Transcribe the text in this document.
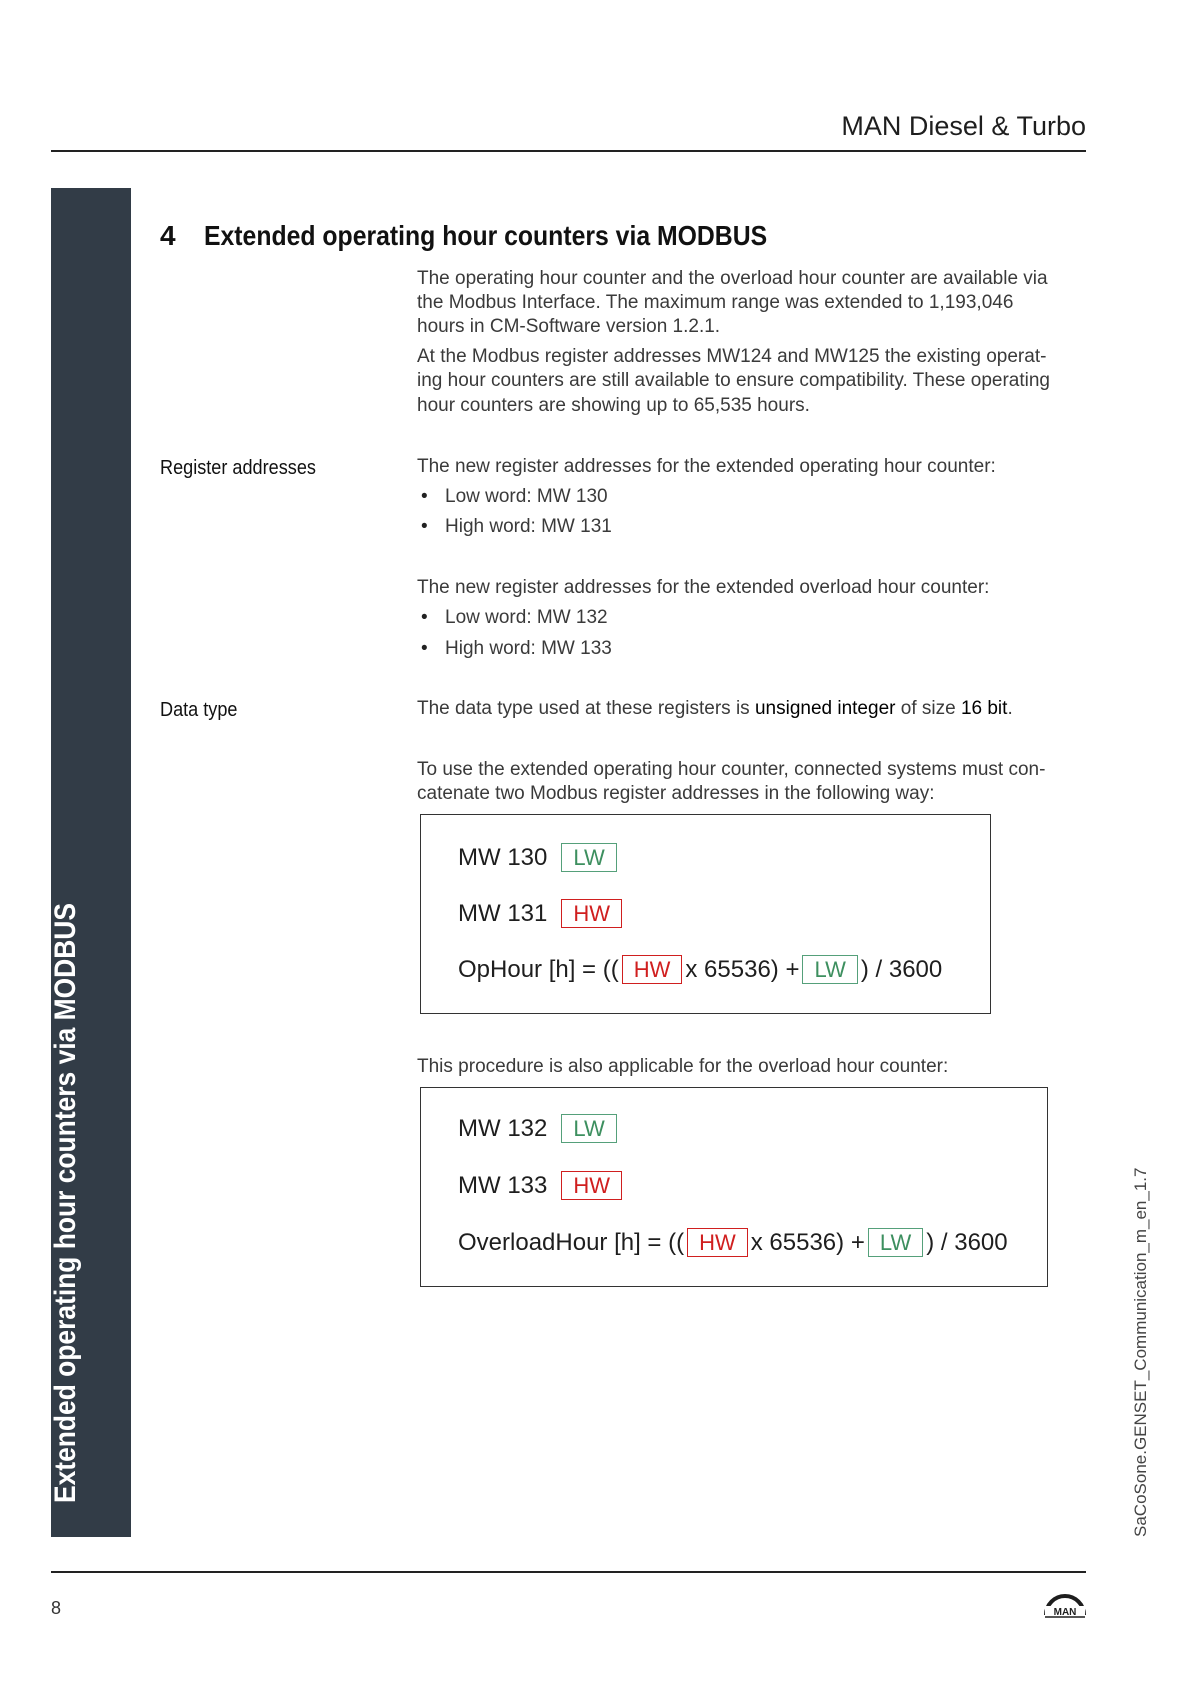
MAN Diesel & Turbo
Extended operating hour counters via MODBUS
4 Extended operating hour counters via MODBUS
The operating hour counter and the overload hour counter are available via
the Modbus Interface. The maximum range was extended to 1,193,046
hours in CM-Software version 1.2.1.
At the Modbus register addresses MW124 and MW125 the existing operat-
ing hour counters are still available to ensure compatibility. These operating
hour counters are showing up to 65,535 hours.
Register addresses	The new register addresses for the extended operating hour counter:
• Low word: MW 130
• High word: MW 131
The new register addresses for the extended overload hour counter:
• Low word: MW 132
• High word: MW 133
Data type	The data type used at these registers is unsigned integer of size 16 bit.
To use the extended operating hour counter, connected systems must con-
catenate two Modbus register addresses in the following way:
MW 130	LW
MW 131	HW
OpHour [h] = (( HW x 65536) + LW ) / 3600
This procedure is also applicable for the overload hour counter:
MW 132	LW
MW 133	HW
OverloadHour [h] = (( HW x 65536) + LW ) / 3600	SaCoSone.GENSET_Communication_m_en_1.7
8	MAN
